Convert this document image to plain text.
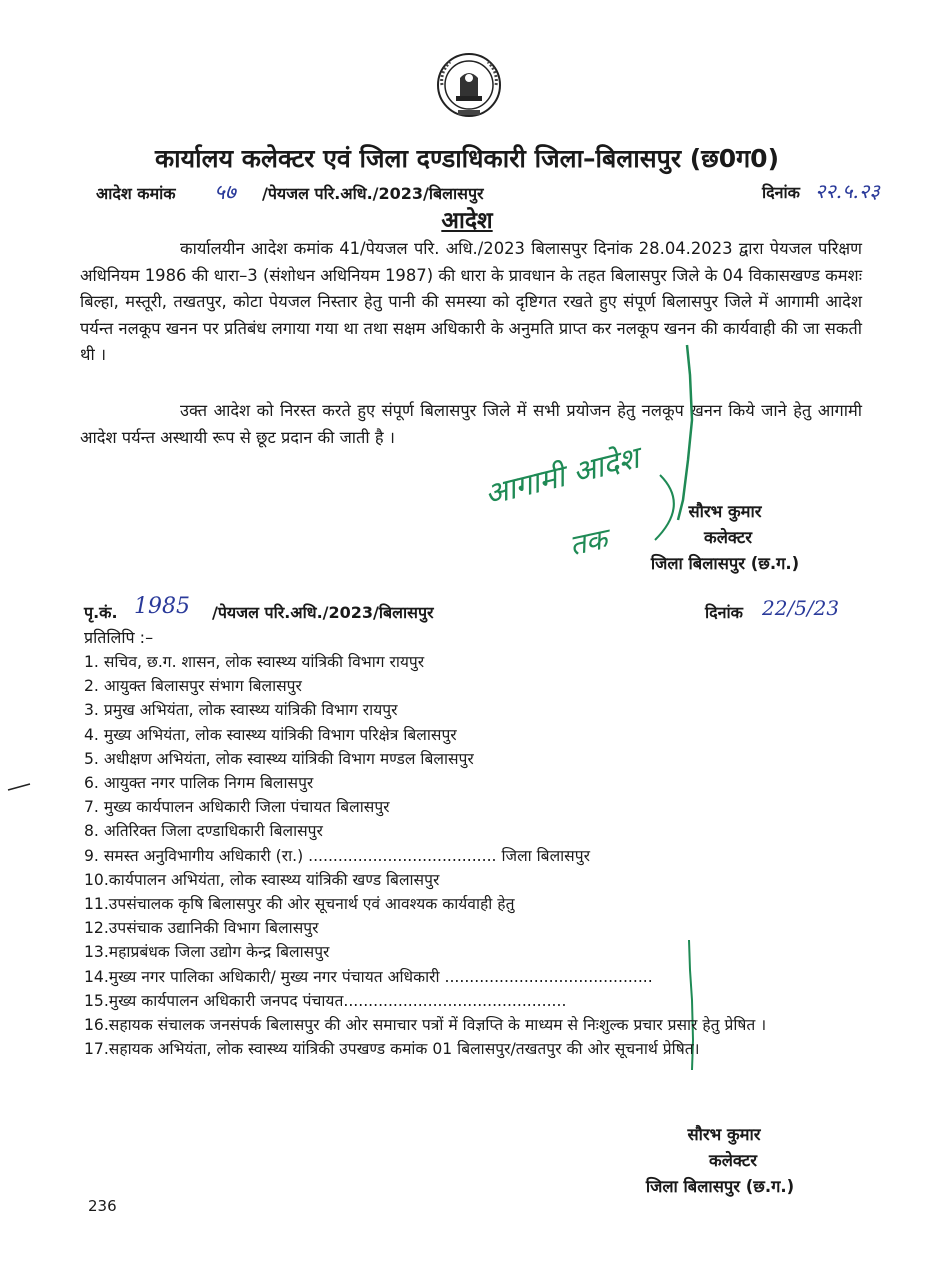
कार्यालय कलेक्टर एवं जिला दण्डाधिकारी जिला–बिलासपुर (छ0ग0)
आदेश कमांक ५७ /पेयजल परि.अधि./2023/बिलासपुर	दिनांक २२.५.२३
आदेश
कार्यालयीन आदेश कमांक 41/पेयजल परि. अधि./2023 बिलासपुर दिनांक 28.04.2023 द्वारा पेयजल परिक्षण अधिनियम 1986 की धारा–3 (संशोधन अधिनियम 1987) की धारा के प्रावधान के तहत बिलासपुर जिले के 04 विकासखण्ड कमशः बिल्हा, मस्तूरी, तखतपुर, कोटा पेयजल निस्तार हेतु पानी की समस्या को दृष्टिगत रखते हुए संपूर्ण बिलासपुर जिले में आगामी आदेश पर्यन्त नलकूप खनन पर प्रतिबंध लगाया गया था तथा सक्षम अधिकारी के अनुमति प्राप्त कर नलकूप खनन की कार्यवाही की जा सकती थी ।
उक्त आदेश को निरस्त करते हुए संपूर्ण बिलासपुर जिले में सभी प्रयोजन हेतु नलकूप खनन किये जाने हेतु आगामी आदेश पर्यन्त अस्थायी रूप से छूट प्रदान की जाती है ।
आगामी आदेश
तक
सौरभ कुमार
कलेक्टर
जिला बिलासपुर (छ.ग.)
पृ.कं. 1985 /पेयजल परि.अधि./2023/बिलासपुर	दिनांक 22/5/23
प्रतिलिपि :–
1. सचिव, छ.ग. शासन, लोक स्वास्थ्य यांत्रिकी विभाग रायपुर
2. आयुक्त बिलासपुर संभाग बिलासपुर
3. प्रमुख अभियंता, लोक स्वास्थ्य यांत्रिकी विभाग रायपुर
4. मुख्य अभियंता, लोक स्वास्थ्य यांत्रिकी विभाग परिक्षेत्र बिलासपुर
5. अधीक्षण अभियंता, लोक स्वास्थ्य यांत्रिकी विभाग मण्डल बिलासपुर
6. आयुक्त नगर पालिक निगम बिलासपुर
7. मुख्य कार्यपालन अधिकारी जिला पंचायत बिलासपुर
8. अतिरिक्त जिला दण्डाधिकारी बिलासपुर
9. समस्त अनुविभागीय अधिकारी (रा.) ...................................... जिला बिलासपुर
10.कार्यपालन अभियंता, लोक स्वास्थ्य यांत्रिकी खण्ड बिलासपुर
11.उपसंचालक कृषि बिलासपुर की ओर सूचनार्थ एवं आवश्यक कार्यवाही हेतु
12.उपसंचाक उद्यानिकी विभाग बिलासपुर
13.महाप्रबंधक जिला उद्योग केन्द्र बिलासपुर
14.मुख्य नगर पालिका अधिकारी/ मुख्य नगर पंचायत अधिकारी ..........................................
15.मुख्य कार्यपालन अधिकारी जनपद पंचायत.............................................
16.सहायक संचालक जनसंपर्क बिलासपुर की ओर समाचार पत्रों में विज्ञप्ति के माध्यम से निःशुल्क प्रचार प्रसार हेतु प्रेषित ।
17.सहायक अभियंता, लोक स्वास्थ्य यांत्रिकी उपखण्ड कमांक 01 बिलासपुर/तखतपुर की ओर सूचनार्थ प्रेषित।
सौरभ कुमार
कलेक्टर
जिला बिलासपुर (छ.ग.)
236
